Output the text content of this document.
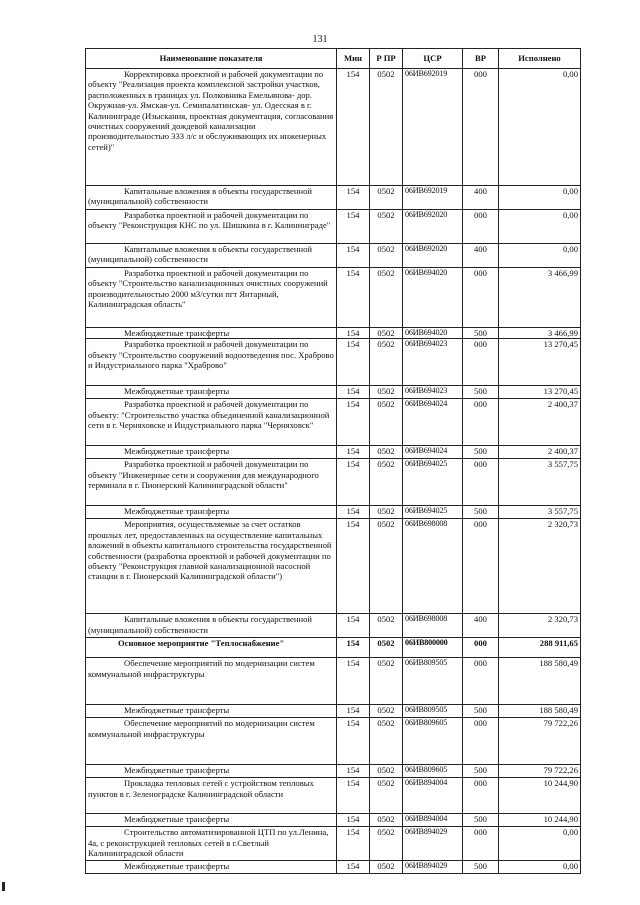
131
Наименование показателя	Мин	Р ПР	ЦСР	ВР	Исполнено
Корректировка проектной и рабочей документации по объекту "Реализация проекта комплексной застройки участков, расположенных в границах ул. Полковника Емельянова- дор. Окружная-ул. Ямская-ул. Семипалатинская- ул. Одесская в г. Калининграде (Изыскания, проектная документация, согласования очистных сооружений дождевой канализации производительностью 333 л/с и обслуживающих их инженерных сетей)"	154	0502	06ИВ692019	000	0,00
Капитальные вложения в объекты государственной (муниципальной) собственности	154	0502	06ИВ692019	400	0,00
Разработка проектной и рабочей документации по объекту "Реконструкция КНС по ул. Шишкина в г. Калининграде"	154	0502	06ИВ692020	000	0,00
Капитальные вложения в объекты государственной (муниципальной) собственности	154	0502	06ИВ692020	400	0,00
Разработка проектной и рабочей документации по объекту "Строительство канализационных очистных сооружений производительностью 2000 м3/сутки пгт Янтарный, Калининградская область"	154	0502	06ИВ694020	000	3 466,99
Межбюджетные трансферты	154	0502	06ИВ694020	500	3 466,99
Разработка проектной и рабочей документации по объекту "Строительство сооружений водоотведения пос. Храброво и Индустриального парка "Храброво"	154	0502	06ИВ694023	000	13 270,45
Межбюджетные трансферты	154	0502	06ИВ694023	500	13 270,45
Разработка проектной и рабочей документации по объекту: "Строительство участка объединенной канализационной сети в г. Черняховске и Индустриального парка "Черняховск"	154	0502	06ИВ694024	000	2 400,37
Межбюджетные трансферты	154	0502	06ИВ694024	500	2 400,37
Разработка проектной и рабочей документации по объекту "Инженерные сети и сооружения для международного терминала в г. Пионерский Калининградской области"	154	0502	06ИВ694025	000	3 557,75
Межбюджетные трансферты	154	0502	06ИВ694025	500	3 557,75
Мероприятия, осуществляемые за счет остатков прошлых лет, предоставленных на осуществление капитальных вложений в объекты капитального строительства государственной собственности (разработка проектной и рабочей документации по объекту "Реконструкция главной канализационной насосной станции в г. Пионерский Калининградской области")	154	0502	06ИВ698008	000	2 320,73
Капитальные вложения в объекты государственной (муниципальной) собственности	154	0502	06ИВ698008	400	2 320,73
Основное мероприятие "Теплоснабжение"	154	0502	06ИВ800000	000	288 911,65
Обеспечение мероприятий по модернизации систем коммунальной инфраструктуры	154	0502	06ИВ809505	000	188 580,49
Межбюджетные трансферты	154	0502	06ИВ809505	500	188 580,49
Обеспечение мероприятий по модернизации систем коммунальной инфраструктуры	154	0502	06ИВ809605	000	79 722,26
Межбюджетные трансферты	154	0502	06ИВ809605	500	79 722,26
Прокладка тепловых сетей с устройством тепловых пунктов в г. Зеленоградске Калининградской области	154	0502	06ИВ894004	000	10 244,90
Межбюджетные трансферты	154	0502	06ИВ894004	500	10 244,90
Строительство автоматизированной ЦТП по ул.Ленина, 4а, с реконструкцией тепловых сетей в г.Светлый Калининградской области	154	0502	06ИВ894029	000	0,00
Межбюджетные трансферты	154	0502	06ИВ894029	500	0,00
